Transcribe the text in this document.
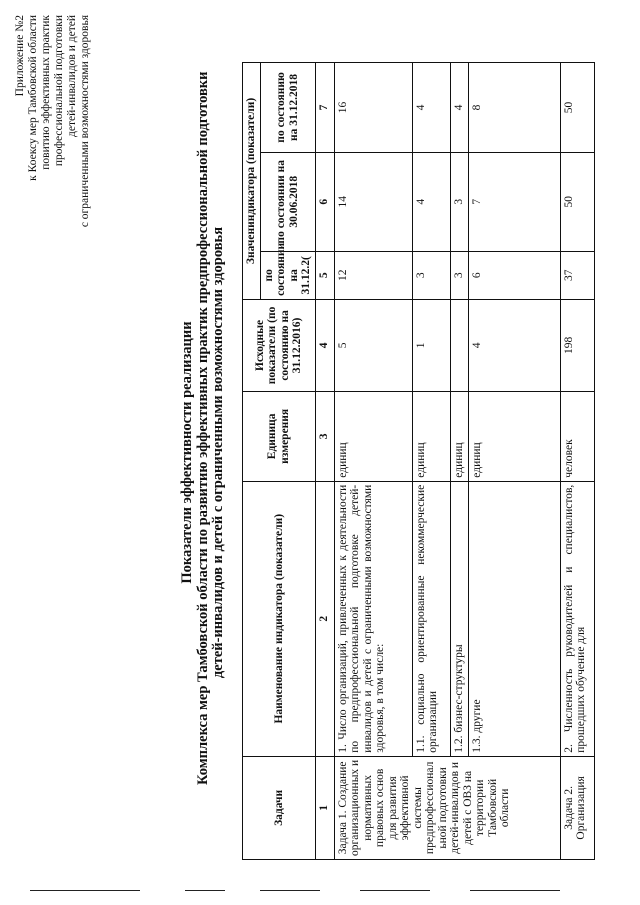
Приложение №2 к Коексу мер Тамбовской области повитию эффективных практик профессиональной подготовки детей-инвалидов и детей с ограниченными возможностями здоровья
Показатели эффективности реализации Комплекса мер Тамбовской области по развитию эффективных практик предпрофессиональной подготовки детей-инвалидов и детей с ограниченными возможностями здоровья
Задачи	Наименование индикатора (показатели)	Единица измерения	Исходные показатели (по состоянию на 31.12.2016)	Значениндикатора (показатели)		
				по состоянии на 31.12.2(	по состоянии на 30.06.2018	по состоянию на 31.12.2018
1	2	3	4	5	6	7
Задача 1. Создание организационных и нормативных правовых основ для развития эффективной системы предпрофессионал ьной подготовки детей-инвалидов и детей с ОВЗ на территории Тамбовской области	1. Число организаций, привлеченных к деятельности по предпрофессиональной подготовке детей-инвалидов и детей с ограниченными возможностями здоровья, в том числе:	единиц	5	12	14	16
	1.1. социально ориентированные некоммерческие организации	единиц	1	3	4	4
	1.2. бизнес-структуры	единиц		3	3	4
	1.3. другие	единиц	4	6	7	8
Задача 2. Организация	2. Численность руководителей и специалистов, прошедших обучение для	человек	198	37	50	50
